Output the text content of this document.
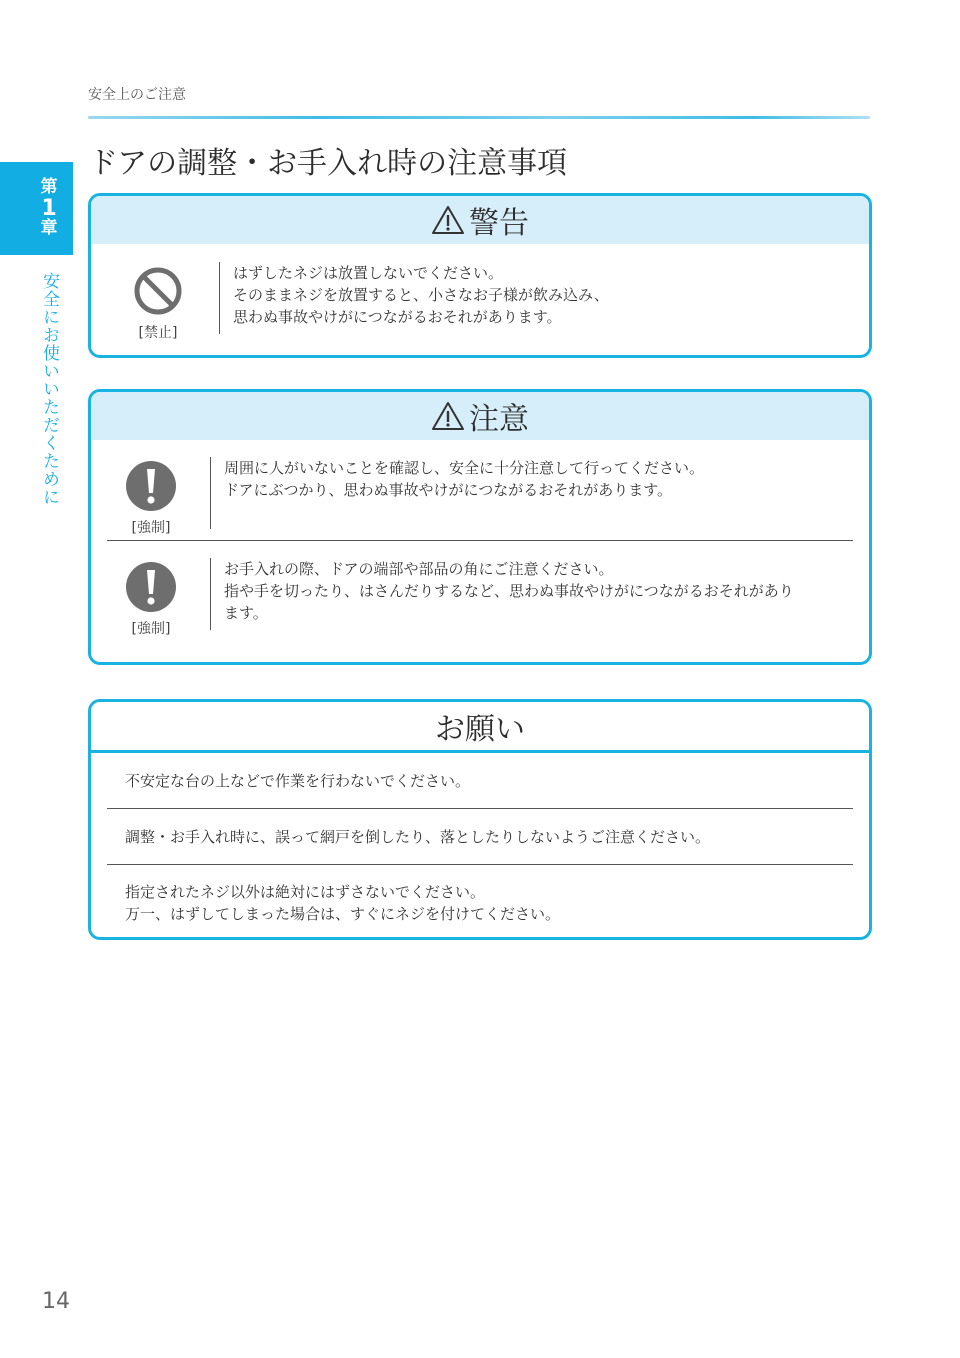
安全上のご注意
第
1
章
安全にお使いいただくために
ドアの調整・お手入れ時の注意事項
警告
[禁止]
はずしたネジは放置しないでください。
そのままネジを放置すると、小さなお子様が飲み込み、
思わぬ事故やけがにつながるおそれがあります。
注意
[強制]
周囲に人がいないことを確認し、安全に十分注意して行ってください。
ドアにぶつかり、思わぬ事故やけがにつながるおそれがあります。
[強制]
お手入れの際、ドアの端部や部品の角にご注意ください。
指や手を切ったり、はさんだりするなど、思わぬ事故やけがにつながるおそれがあり
ます。
お願い
不安定な台の上などで作業を行わないでください。
調整・お手入れ時に、誤って網戸を倒したり、落としたりしないようご注意ください。
指定されたネジ以外は絶対にはずさないでください。
万一、はずしてしまった場合は、すぐにネジを付けてください。
14
